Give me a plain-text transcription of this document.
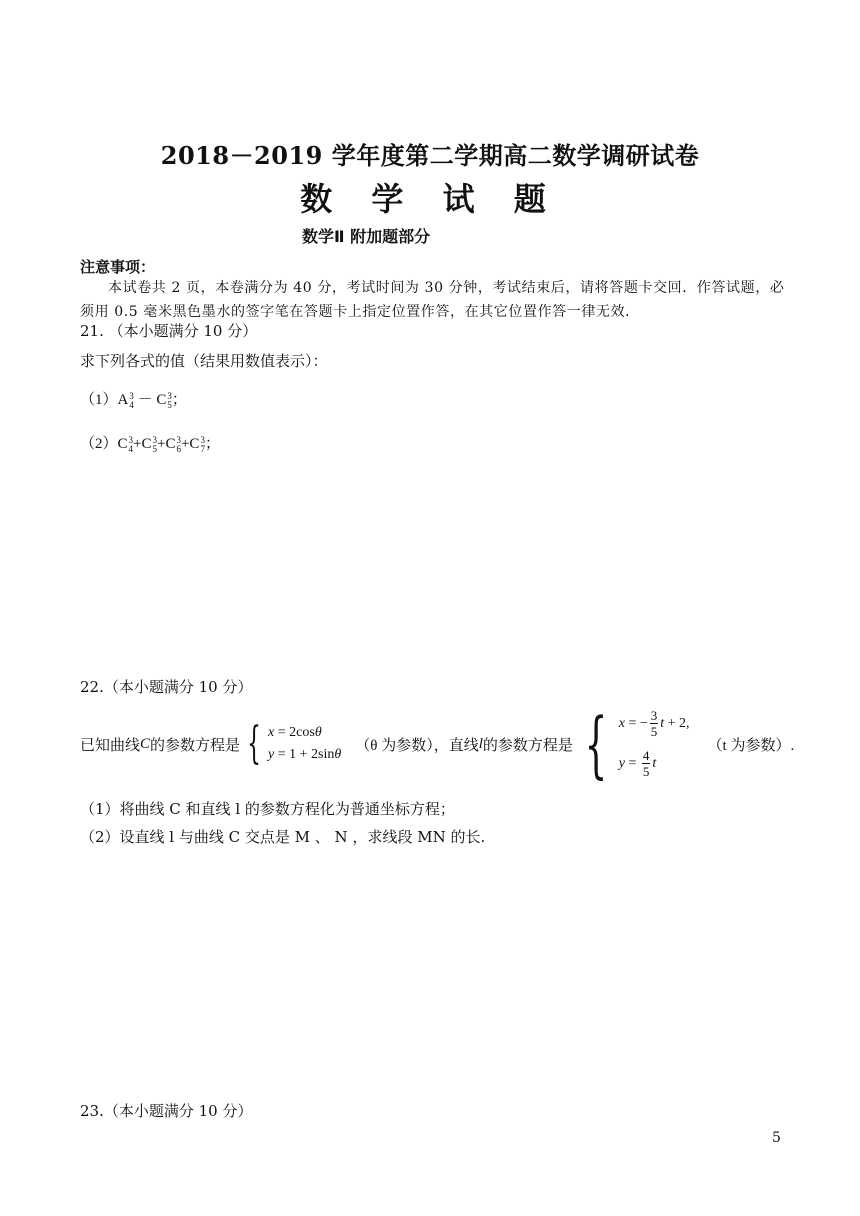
2018－2019 学年度第二学期高二数学调研试卷
数 学 试 题
数学Ⅱ 附加题部分
注意事项：
本试卷共 2 页，本卷满分为 40 分，考试时间为 30 分钟，考试结束后，请将答题卡交回．作答试题，必须用 0.5 毫米黑色墨水的签字笔在答题卡上指定位置作答，在其它位置作答一律无效．
21. （本小题满分 10 分）
求下列各式的值（结果用数值表示）：
（1）A 3
4 － C 3
5 ；
（2）C 3
4 +C 3
5 +C 3
6 +C 3
7 ；
22.（本小题满分 10 分）
已知曲线 C 的参数方程是 { x = 2cosθ
y = 1 + 2sinθ
（θ 为参数），直线 l 的参数方程是 { x = − $\frac{3}{5}$ t + 2,
$y = \frac{4}{5}$ t
（t 为参数）.
（1）将曲线 C 和直线 l 的参数方程化为普通坐标方程；
（2）设直线 l 与曲线 C 交点是 M 、 N ，求线段 MN 的长.
23.（本小题满分 10 分）
5
